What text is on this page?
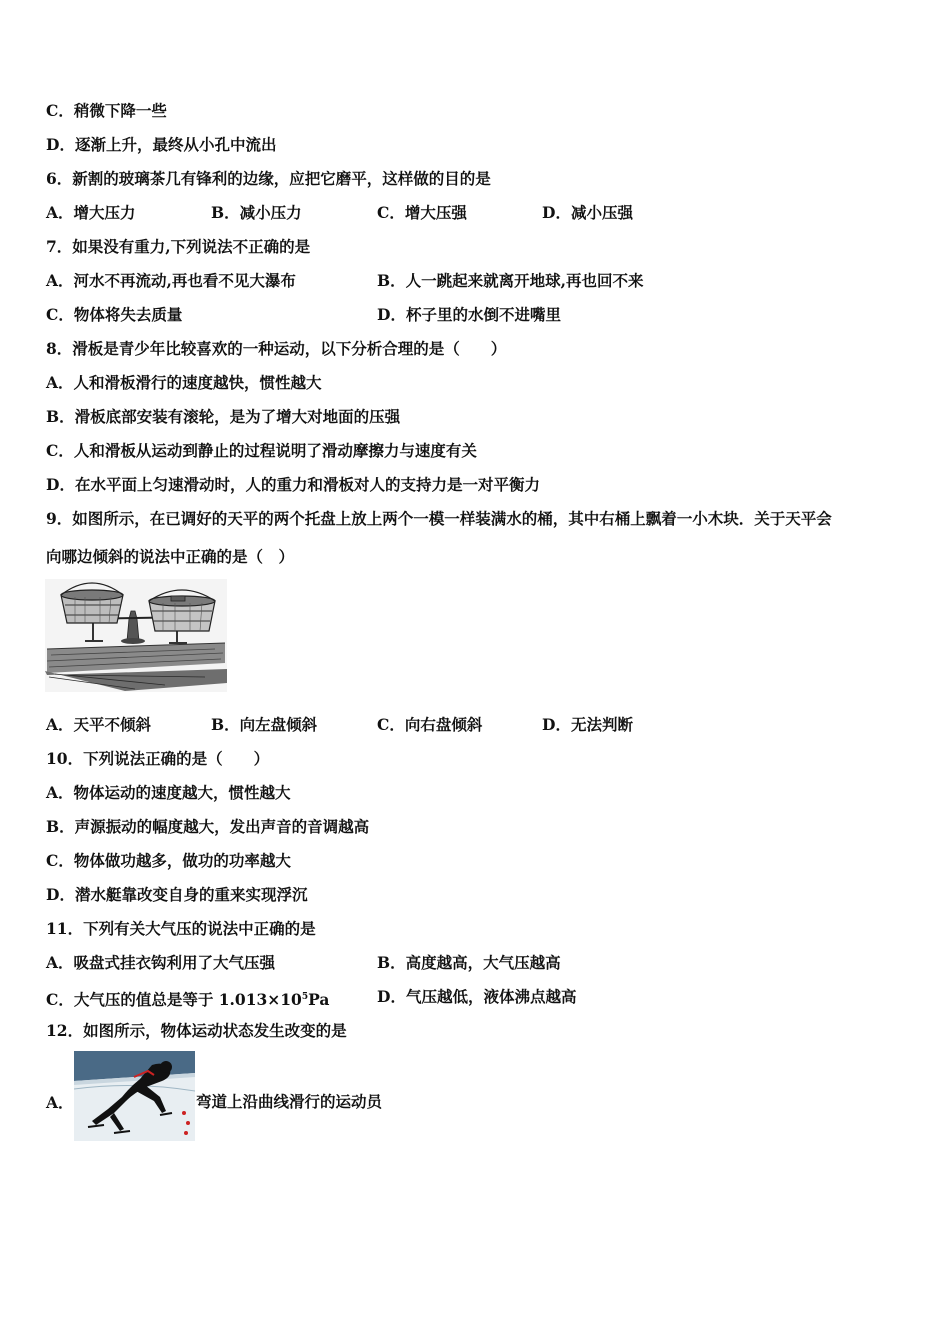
C．稍微下降一些
D．逐渐上升，最终从小孔中流出
6．新割的玻璃茶几有锋利的边缘，应把它磨平，这样做的目的是
A．增大压力	B．减小压力	C．增大压强	D．减小压强
7．如果没有重力,下列说法不正确的是
A．河水不再流动,再也看不见大瀑布	B．人一跳起来就离开地球,再也回不来
C．物体将失去质量	D．杯子里的水倒不进嘴里
8．滑板是青少年比较喜欢的一种运动，以下分析合理的是（　　）
A．人和滑板滑行的速度越快，惯性越大
B．滑板底部安装有滚轮，是为了增大对地面的压强
C．人和滑板从运动到静止的过程说明了滑动摩擦力与速度有关
D．在水平面上匀速滑动时，人的重力和滑板对人的支持力是一对平衡力
9．如图所示，在已调好的天平的两个托盘上放上两个一模一样装满水的桶，其中右桶上飘着一小木块．关于天平会
向哪边倾斜的说法中正确的是（　）
A．天平不倾斜	B．向左盘倾斜	C．向右盘倾斜	D．无法判断
10．下列说法正确的是（　　）
A．物体运动的速度越大，惯性越大
B．声源振动的幅度越大，发出声音的音调越高
C．物体做功越多，做功的功率越大
D．潜水艇靠改变自身的重来实现浮沉
11．下列有关大气压的说法中正确的是
A．吸盘式挂衣钩利用了大气压强	B．高度越高，大气压越高
C．大气压的值总是等于 $1.013\times 10^5Pa$	D．气压越低，液体沸点越高
12．如图所示，物体运动状态发生改变的是
A．	弯道上沿曲线滑行的运动员
